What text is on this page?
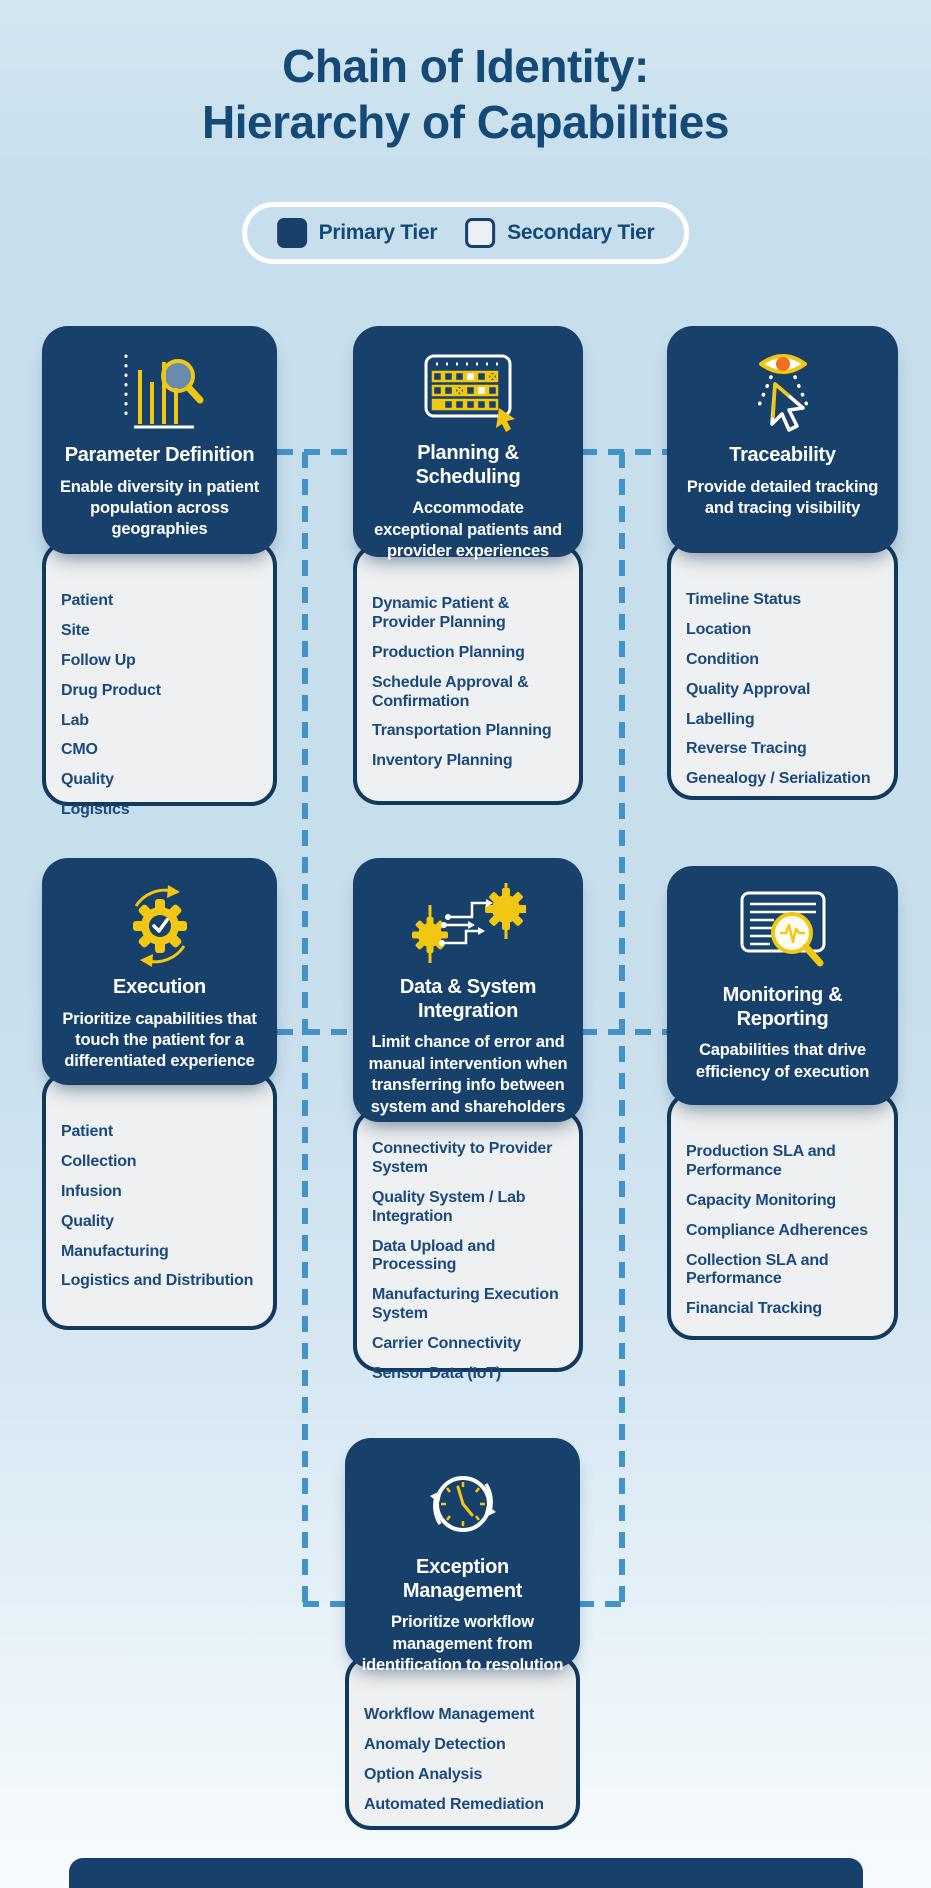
Chain of Identity:
Hierarchy of Capabilities
Primary Tier	Secondary Tier
Patient
Site
Follow Up
Drug Product
Lab
CMO
Quality
Logistics
Parameter Definition

Enable diversity in patient population across geographies

Dynamic Patient & Provider Planning
Production Planning
Schedule Approval & Confirmation
Transportation Planning
Inventory Planning
Planning & Scheduling

Accommodate exceptional patients and provider experiences

Timeline Status
Location
Condition
Quality Approval
Labelling
Reverse Tracing
Genealogy / Serialization
Traceability

Provide detailed tracking and tracing visibility

Patient
Collection
Infusion
Quality
Manufacturing
Logistics and Distribution
Execution

Prioritize capabilities that touch the patient for a differentiated experience

Connectivity to Provider System
Quality System / Lab Integration
Data Upload and Processing
Manufacturing Execution System
Carrier Connectivity
Sensor Data (IoT)
Data & System Integration

Limit chance of error and manual intervention when transferring info between system and shareholders

Production SLA and Performance
Capacity Monitoring
Compliance Adherences
Collection SLA and Performance
Financial Tracking
Monitoring & Reporting

Capabilities that drive efficiency of execution

Workflow Management
Anomaly Detection
Option Analysis
Automated Remediation
Exception Management

Prioritize workflow management from identification to resolution
